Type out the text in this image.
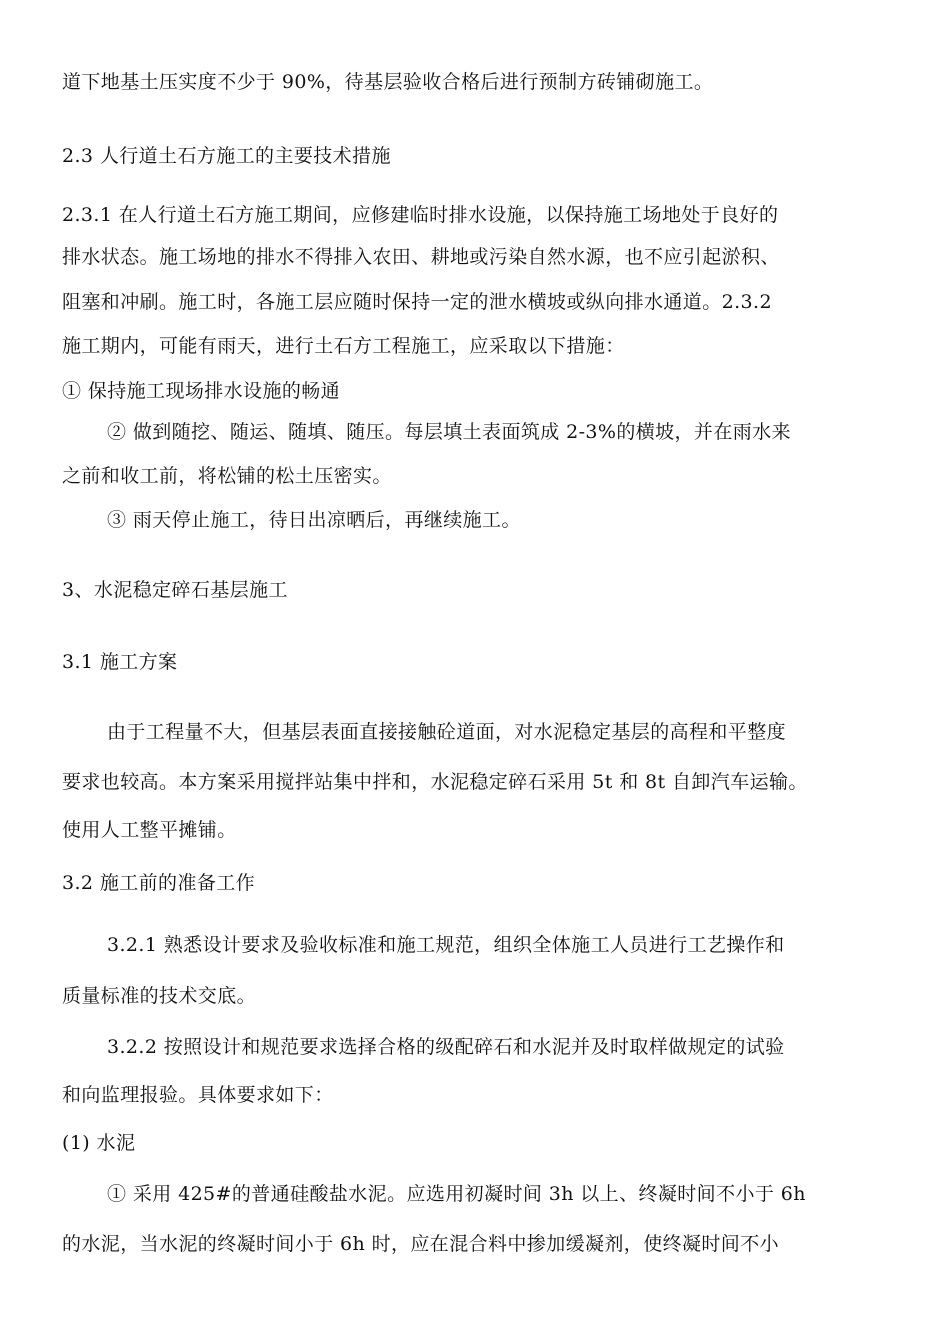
道下地基土压实度不少于 90%，待基层验收合格后进行预制方砖铺砌施工。
2.3 人行道土石方施工的主要技术措施
2.3.1 在人行道土石方施工期间，应修建临时排水设施，以保持施工场地处于良好的
排水状态。施工场地的排水不得排入农田、耕地或污染自然水源，也不应引起淤积、
阻塞和冲刷。施工时，各施工层应随时保持一定的泄水横坡或纵向排水通道。2.3.2
施工期内，可能有雨天，进行土石方工程施工，应采取以下措施：
① 保持施工现场排水设施的畅通
② 做到随挖、随运、随填、随压。每层填土表面筑成 2-3%的横坡，并在雨水来
之前和收工前，将松铺的松土压密实。
③ 雨天停止施工，待日出凉晒后，再继续施工。
3、水泥稳定碎石基层施工
3.1 施工方案
由于工程量不大，但基层表面直接接触砼道面，对水泥稳定基层的高程和平整度
要求也较高。本方案采用搅拌站集中拌和，水泥稳定碎石采用 5t 和 8t 自卸汽车运输。
使用人工整平摊铺。
3.2 施工前的准备工作
3.2.1 熟悉设计要求及验收标准和施工规范，组织全体施工人员进行工艺操作和
质量标准的技术交底。
3.2.2 按照设计和规范要求选择合格的级配碎石和水泥并及时取样做规定的试验
和向监理报验。具体要求如下：
(1) 水泥
① 采用 425#的普通硅酸盐水泥。应选用初凝时间 3h 以上、终凝时间不小于 6h
的水泥，当水泥的终凝时间小于 6h 时，应在混合料中掺加缓凝剂，使终凝时间不小
